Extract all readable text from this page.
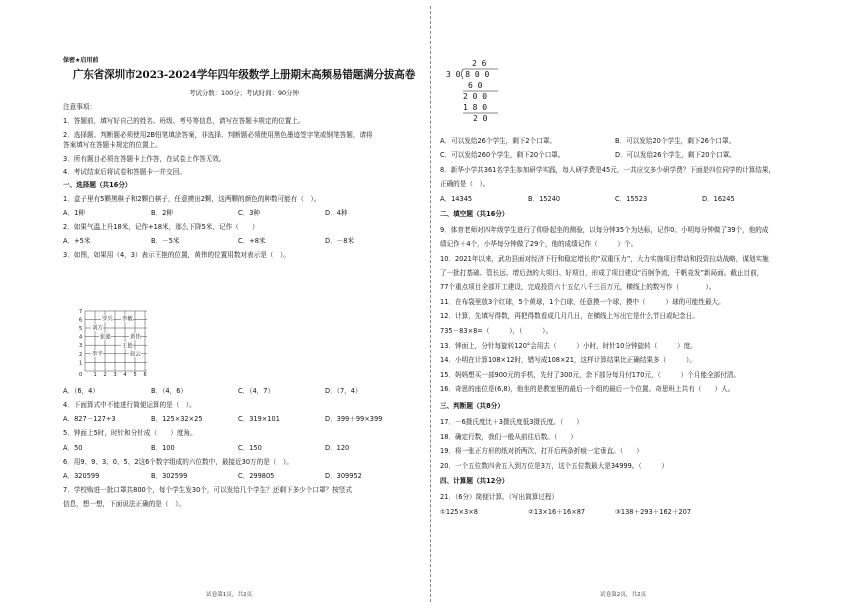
保密★启用前
广东省深圳市2023-2024学年四年级数学上册期末高频易错题满分拔高卷
考试分数：100分；考试时间：90分钟
注意事项：
1．答题前，填写好自己的姓名、班级、考号等信息，请写在答题卡规定的位置上。
2．选择题、判断题必须使用2B铅笔填涂答案，非选择、判断题必须使用黑色墨迹签字笔或钢笔答题，请将
答案填写在答题卡规定的位置上。
3．所有题目必须在答题卡上作答，在试卷上作答无效。
4．考试结束后将试卷和答题卡一并交回。
一、选择题（共16分）
1．盒子里有5颗黑棋子和2颗白棋子，任意摸出2颗，这两颗的颜色的种数可能有（　）。
A．1种	B．2种	C．3种	D．4种
2．如果气温上升18米，记作+18米，那么下降5米，记作（　　）
A．+5米	B．－5米	C．+8米	D．－8米
3．如图，如果用（4，3）表示王艳的位置，黄伟的位置用数对表示是（　）。
7
6
5
4
3
2
1
0 1 2 3 4 5 6
罗兵 李敏
刘方
张强	黄伟
王艳
李平	赵云
A．（6，4）	B．（4，6）	C．（4，7）	D．（7，4）
4．下面算式中不能进行简便运算的是（　）。
A．827－127÷3	B．125×32×25	C．319×101	D．399＋99×399
5．钟面上5时，时针和分针成（　　）度角。
A．50	B．100	C．150	D．120
6．用9、9、3、0、5、2这6个数字组成的六位数中，最接近30万的是（　）。
A．320599	B．302599	C．299805	D．309952
7．学校购进一批口罩共800个，每个学生发30个，可以发给几个学生？还剩下多少个口罩？按竖式
信息，想一想，下面说法正确的是（　）。
试卷第1页，共2页
2 6
3 0 8 0 0
6 0
2 0 0
1 8 0
2 0
A．可以发给26个学生，剩下2个口罩。	B．可以发给20个学生，剩下26个口罩。
C．可以发给260个学生，剩下20个口罩。	D．可以发给26个学生，剩下20个口罩。
8．新华小学共361名学生参加研学实践，每人研学费是45元，一共应交多少研学费？下面是四位同学的计算结果，
正确的是（　）。
A．14345	B．15240	C．15523	D．16245
二、填空题（共16分）
9．体育老师对四年级学生进行了仰卧起坐的测验，以每分钟35个为达标，记作0。小明每分钟做了39个，他的成
绩记作＋4个，小华每分钟做了29个，他的成绩记作（　　　）个。
10．2021年以来，武功县面对经济下行和稳定增长的“双重压力”，大力实施项目带动和投资拉动战略，谋划实施
了一批打基础、管长远、增后劲的大项目、好项目，形成了项目建设“百舸争流，千帆竞发”新局面。截止目前，
77个重点项目全部开工建设，完成投资六十五亿八千三百万元，横线上的数写作（　　　　）。
11．在布袋里放3个红球，5个黄球，1个白球，任意摸一个球，摸中（　　　）球的可能性最大。
12．计算，先填写得数，再把得数看成几月几日，在横线上写出它是什么节日或纪念日。
735－83×8=（　　　），（　　　）。
13．钟面上，分针每旋转120°会用去（　　　）小时，时针10分钟旋转（　　　）度。
14．小明在计算108×12时，错写成108×21，这样计算结果比正确结果多（　　　）。
15．妈妈想买一部900元的手机，先付了300元，余下部分每月付170元，（　　　）个月能全部付清。
16．奇思的座位是(6,8)，他坐的是教室里的最后一个组的最后一个位置。奇思班上共有（　　）人。
三、判断题（共8分）
17．－6摄氏度比＋3摄氏度低3摄氏度。（　　）
18．确定行数，我们一般从前往后数。（　　）
19．将一张正方形的纸对折两次，打开后两条折痕一定垂直。（　　）
20．一个五位数四舍五入到万位是3万，这个五位数最大是34999。（　　　）
四、计算题（共12分）
21．（6分）简便计算。（写出简算过程）
①125×3×8	②13×16＋16×87	③138＋293＋162＋207
试卷第2页，共2页
